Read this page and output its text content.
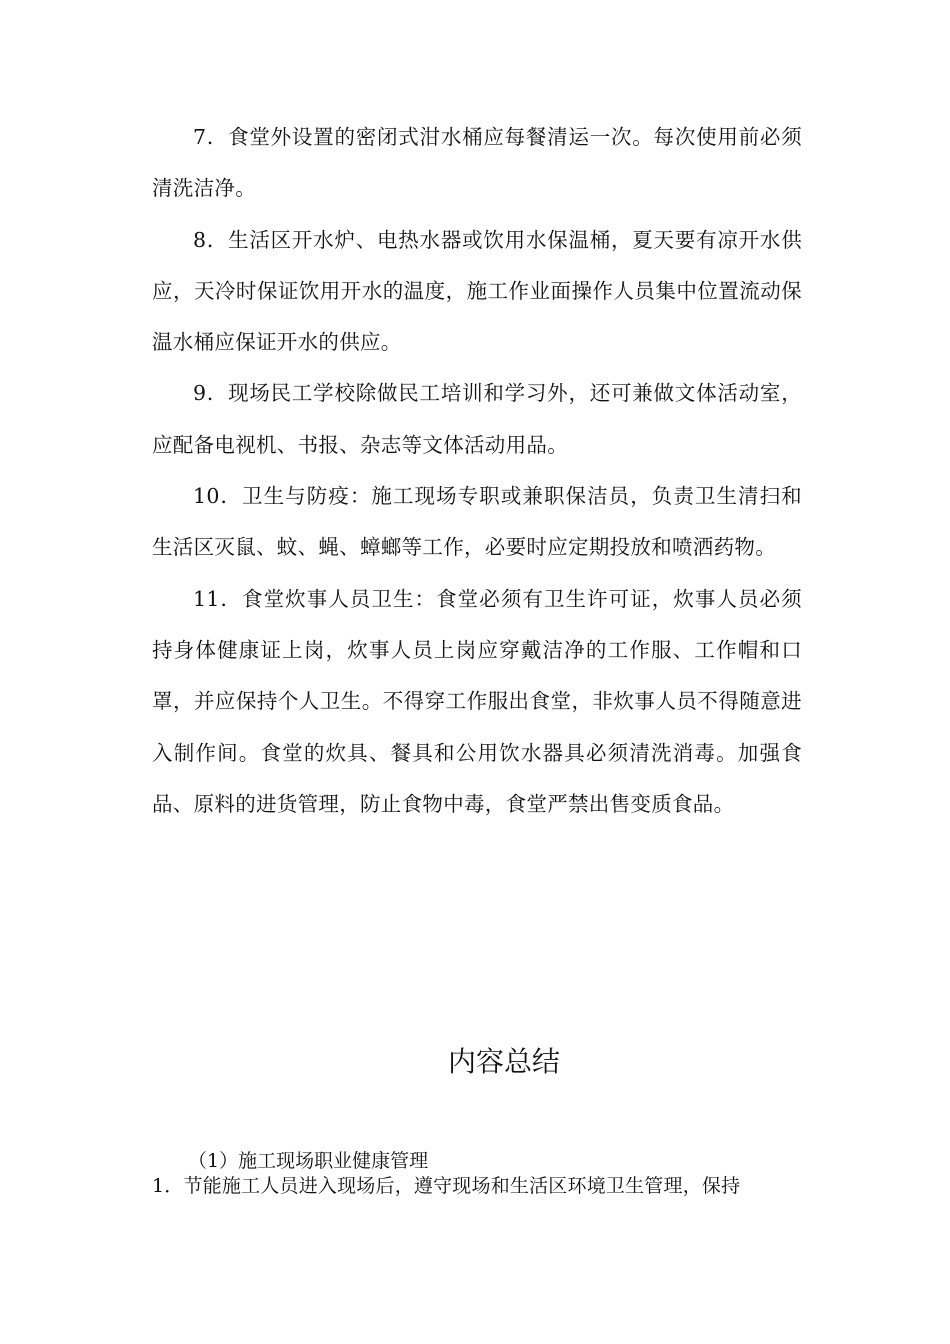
7．食堂外设置的密闭式泔水桶应每餐清运一次。每次使用前必须清洗洁净。

8．生活区开水炉、电热水器或饮用水保温桶，夏天要有凉开水供应，天冷时保证饮用开水的温度，施工作业面操作人员集中位置流动保温水桶应保证开水的供应。

9．现场民工学校除做民工培训和学习外，还可兼做文体活动室，应配备电视机、书报、杂志等文体活动用品。

10．卫生与防疫：施工现场专职或兼职保洁员，负责卫生清扫和生活区灭鼠、蚊、蝇、蟑螂等工作，必要时应定期投放和喷洒药物。

11．食堂炊事人员卫生：食堂必须有卫生许可证，炊事人员必须持身体健康证上岗，炊事人员上岗应穿戴洁净的工作服、工作帽和口罩，并应保持个人卫生。不得穿工作服出食堂，非炊事人员不得随意进入制作间。食堂的炊具、餐具和公用饮水器具必须清洗消毒。加强食品、原料的进货管理，防止食物中毒，食堂严禁出售变质食品。

内容总结

（1）施工现场职业健康管理

1．节能施工人员进入现场后，遵守现场和生活区环境卫生管理，保持
